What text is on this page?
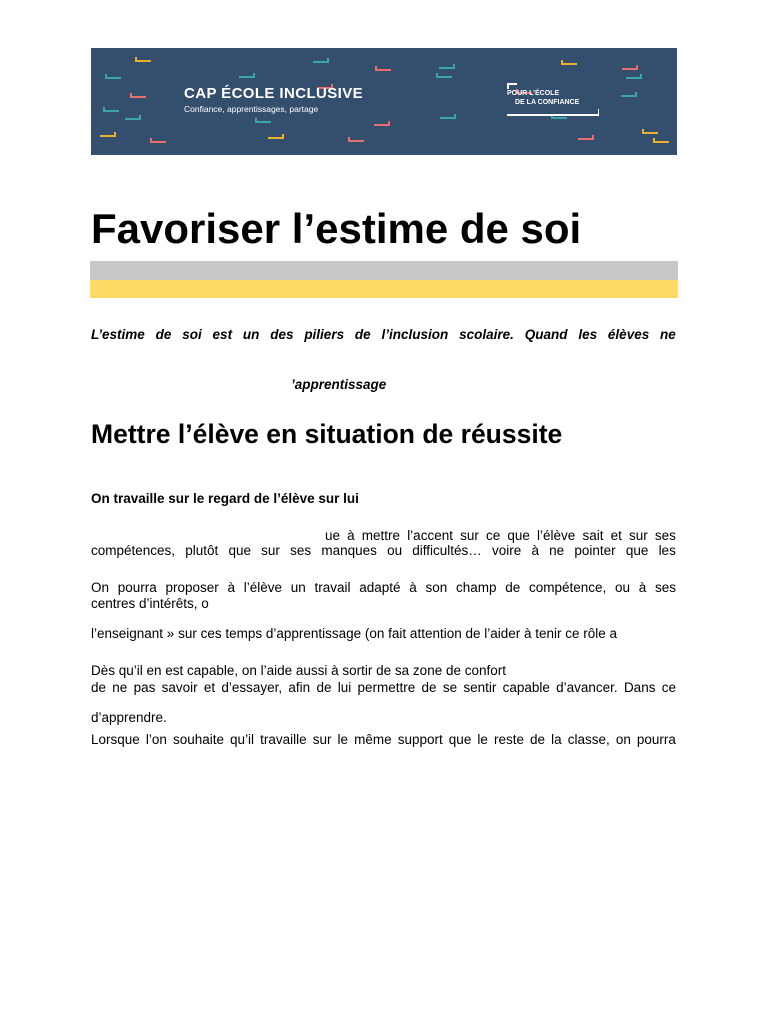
CAP ÉCOLE INCLUSIVE
Confiance, apprentissages, partage
POUR L’ÉCOLE
DE LA CONFIANCE
Favoriser l’estime de soi

L’estime de soi est un des piliers de l’inclusion scolaire. Quand les élèves ne

’apprentissage

Mettre l’élève en situation de réussite

On travaille sur le regard de l’élève sur lui

ue à mettre l’accent sur ce que l’élève sait et sur ses

compétences, plutôt que sur ses manques ou difficultés… voire à ne pointer que les

On pourra proposer à l’élève un travail adapté à son champ de compétence, ou à ses

centres d’intérêts, o

l’enseignant » sur ces temps d’apprentissage (on fait attention de l’aider à tenir ce rôle a

Dès qu’il en est capable, on l’aide aussi à sortir de sa zone de confort

de ne pas savoir et d’essayer, afin de lui permettre de se sentir capable d’avancer. Dans ce

d’apprendre.

Lorsque l’on souhaite qu’il travaille sur le même support que le reste de la classe, on pourra
